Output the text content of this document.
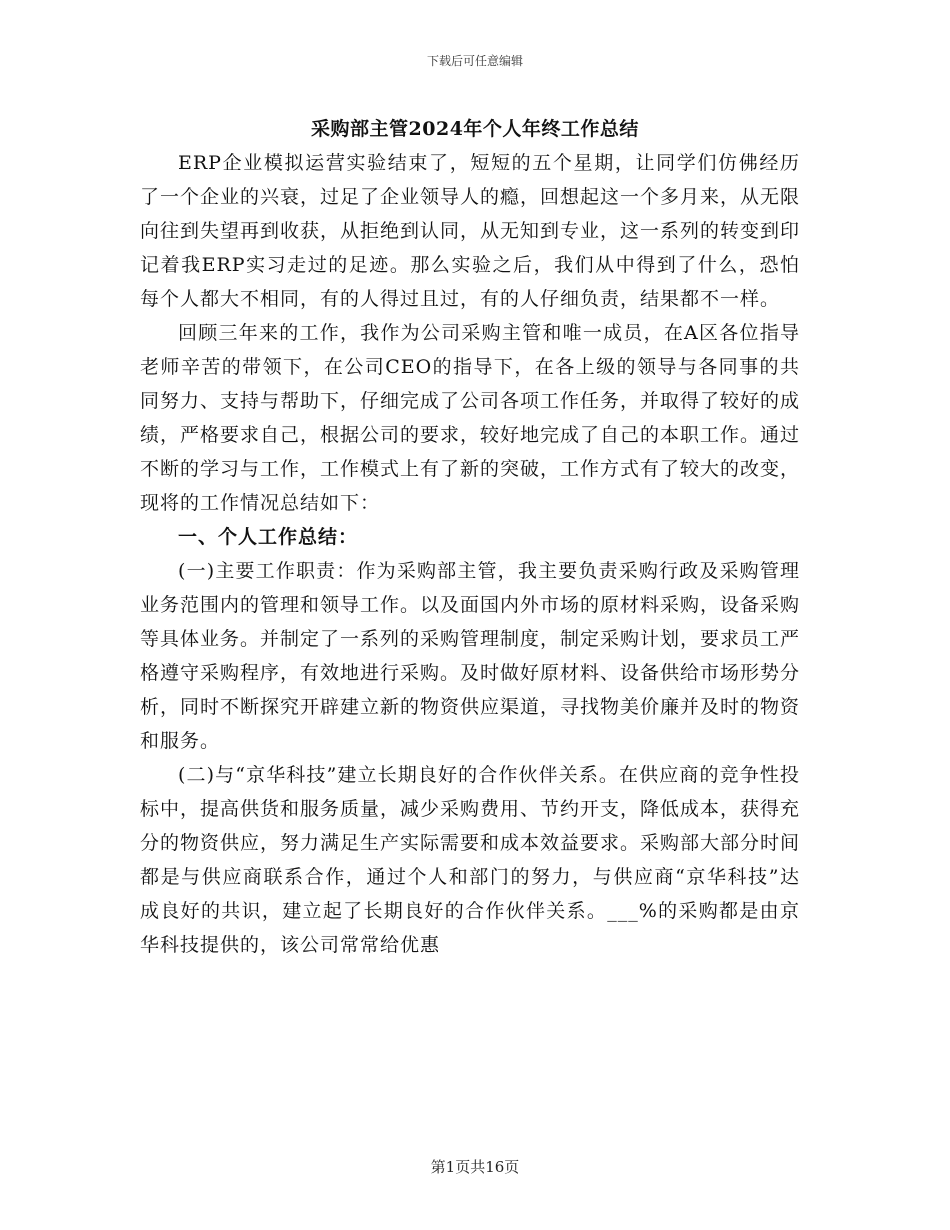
下载后可任意编辑
采购部主管2024年个人年终工作总结

ERP企业模拟运营实验结束了，短短的五个星期，让同学们仿佛经历了一个企业的兴衰，过足了企业领导人的瘾，回想起这一个多月来，从无限向往到失望再到收获，从拒绝到认同，从无知到专业，这一系列的转变到印记着我ERP实习走过的足迹。那么实验之后，我们从中得到了什么，恐怕每个人都大不相同，有的人得过且过，有的人仔细负责，结果都不一样。

回顾三年来的工作，我作为公司采购主管和唯一成员，在A区各位指导老师辛苦的带领下，在公司CEO的指导下，在各上级的领导与各同事的共同努力、支持与帮助下，仔细完成了公司各项工作任务，并取得了较好的成绩，严格要求自己，根据公司的要求，较好地完成了自己的本职工作。通过不断的学习与工作，工作模式上有了新的突破，工作方式有了较大的改变，现将的工作情况总结如下：

一、个人工作总结：

(一)主要工作职责：作为采购部主管，我主要负责采购行政及采购管理业务范围内的管理和领导工作。以及面国内外市场的原材料采购，设备采购等具体业务。并制定了一系列的采购管理制度，制定采购计划，要求员工严格遵守采购程序，有效地进行采购。及时做好原材料、设备供给市场形势分析，同时不断探究开辟建立新的物资供应渠道，寻找物美价廉并及时的物资和服务。

(二)与“京华科技”建立长期良好的合作伙伴关系。在供应商的竞争性投标中，提高供货和服务质量，减少采购费用、节约开支，降低成本，获得充分的物资供应，努力满足生产实际需要和成本效益要求。采购部大部分时间都是与供应商联系合作，通过个人和部门的努力，与供应商“京华科技”达成良好的共识，建立起了长期良好的合作伙伴关系。___%的采购都是由京华科技提供的，该公司常常给优惠

第1页共16页
